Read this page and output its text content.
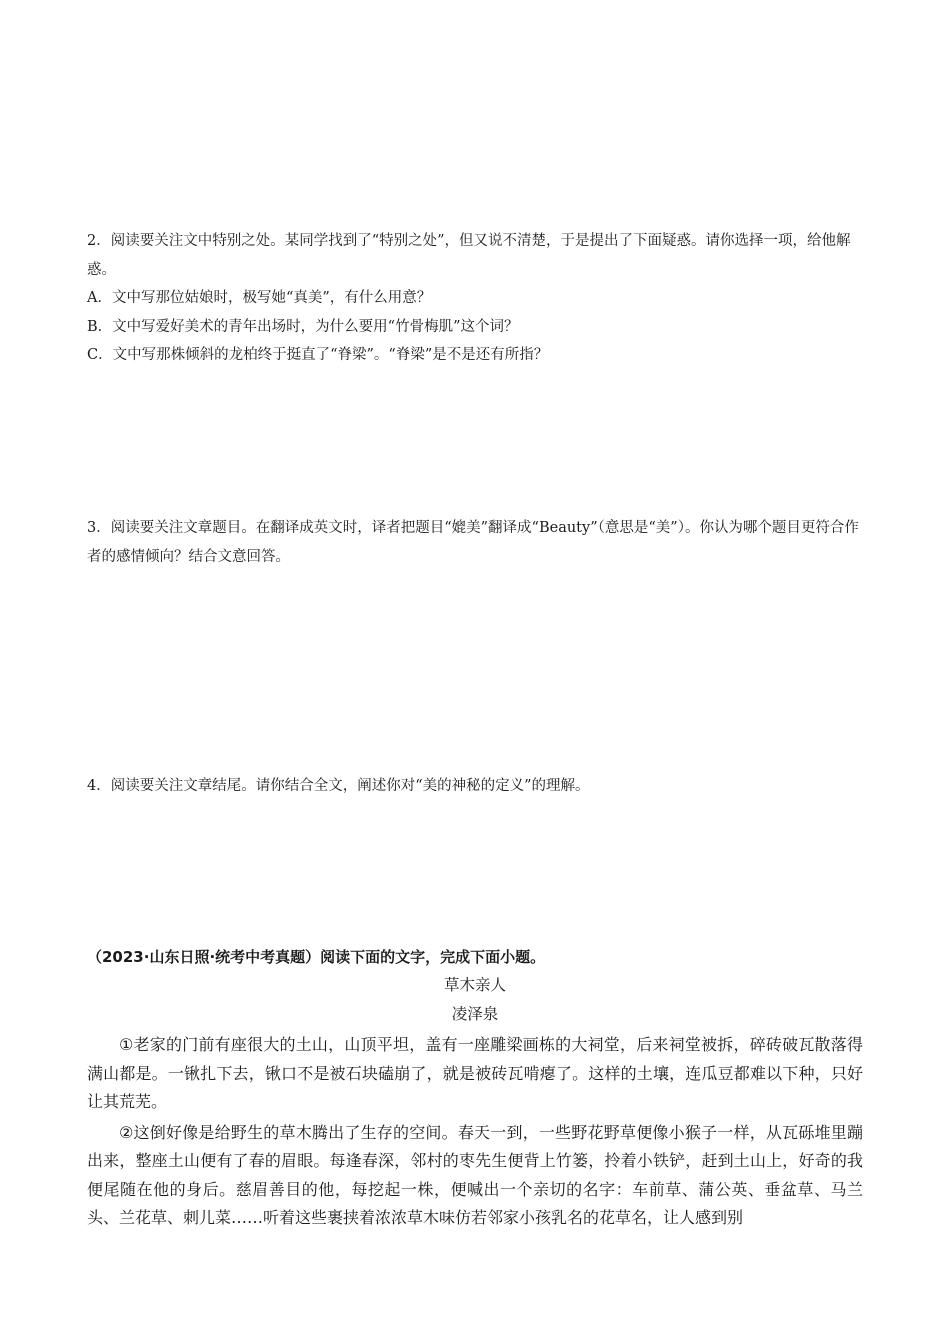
2．阅读要关注文中特别之处。某同学找到了“特别之处”，但又说不清楚，于是提出了下面疑惑。请你选择一项，给他解惑。

A．文中写那位姑娘时，极写她“真美”，有什么用意？

B．文中写爱好美术的青年出场时，为什么要用“竹骨梅肌”这个词？

C．文中写那株倾斜的龙柏终于挺直了“脊梁”。“脊梁”是不是还有所指？

3．阅读要关注文章题目。在翻译成英文时，译者把题目“媲美”翻译成“Beauty”（意思是“美”）。你认为哪个题目更符合作者的感情倾向？结合文意回答。

4．阅读要关注文章结尾。请你结合全文，阐述你对“美的神秘的定义”的理解。

（2023·山东日照·统考中考真题）阅读下面的文字，完成下面小题。

草木亲人

凌泽泉

①老家的门前有座很大的土山，山顶平坦，盖有一座雕梁画栋的大祠堂，后来祠堂被拆，碎砖破瓦散落得满山都是。一锹扎下去，锹口不是被石块磕崩了，就是被砖瓦啃瘪了。这样的土壤，连瓜豆都难以下种，只好让其荒芜。

②这倒好像是给野生的草木腾出了生存的空间。春天一到，一些野花野草便像小猴子一样，从瓦砾堆里蹦出来，整座土山便有了春的眉眼。每逢春深，邻村的枣先生便背上竹篓，拎着小铁铲，赶到土山上，好奇的我便尾随在他的身后。慈眉善目的他，每挖起一株，便喊出一个亲切的名字：车前草、蒲公英、垂盆草、马兰头、兰花草、刺儿菜……听着这些裹挟着浓浓草木味仿若邻家小孩乳名的花草名，让人感到别
